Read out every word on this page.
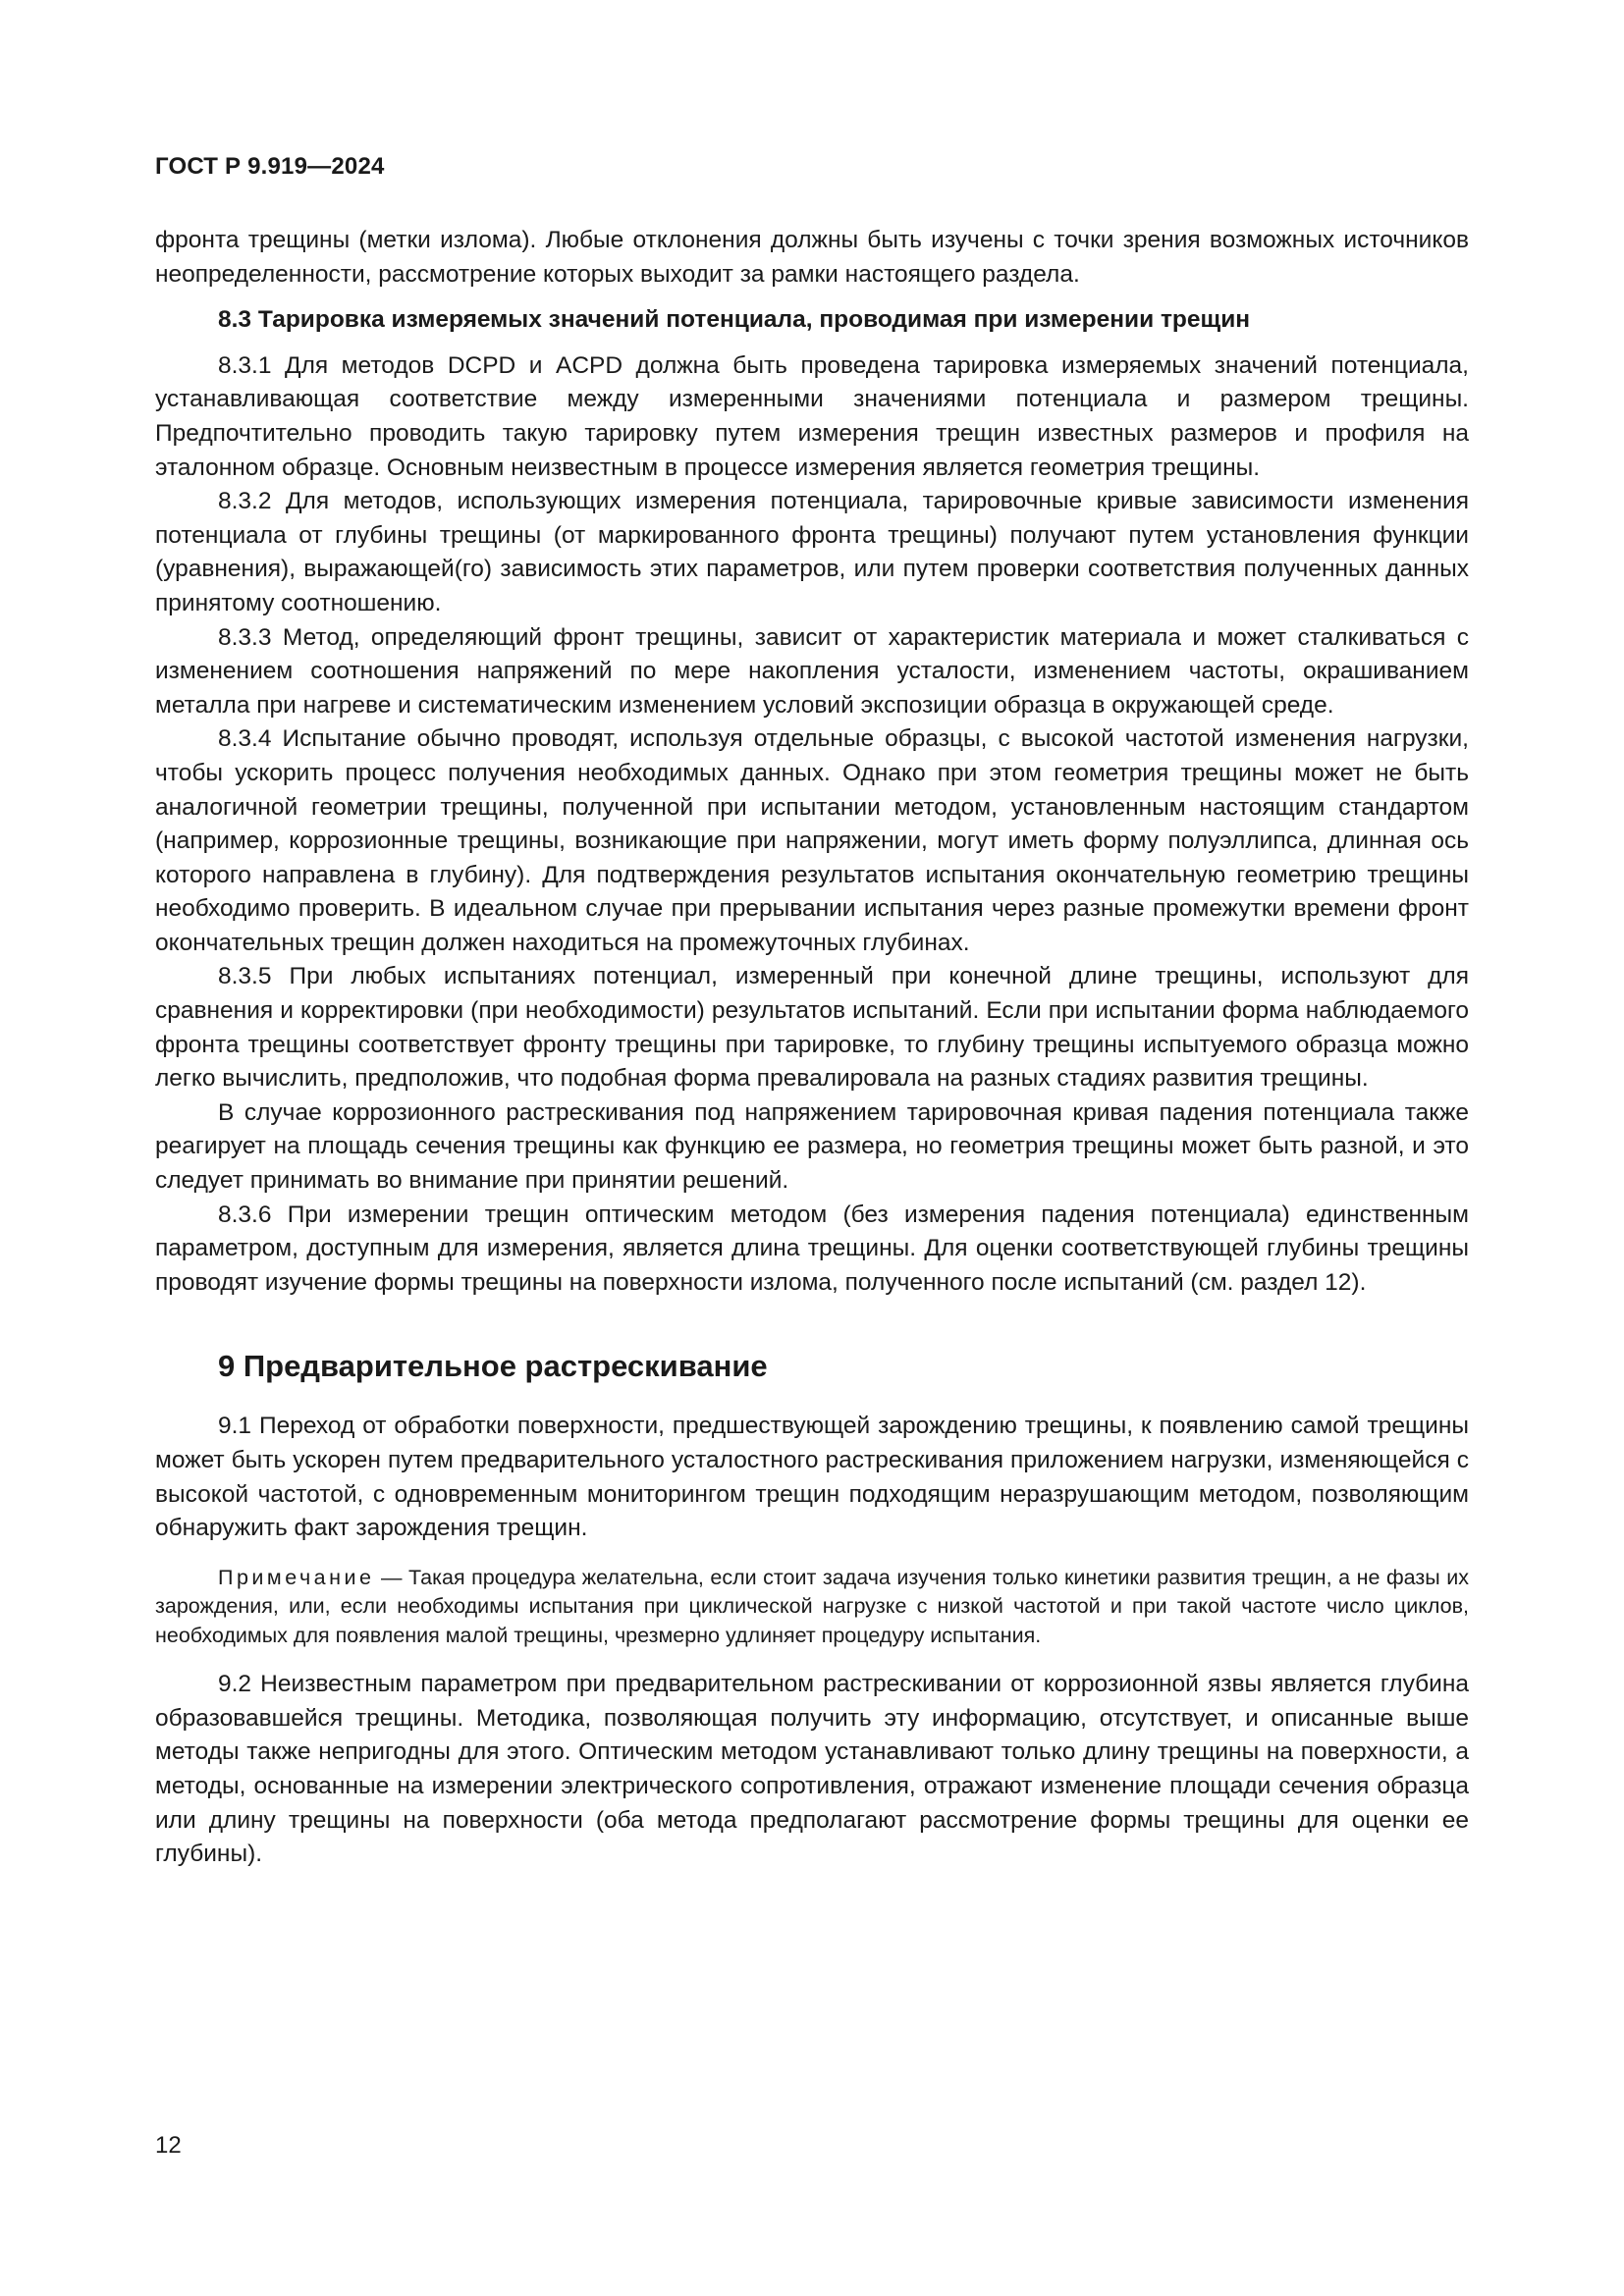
ГОСТ Р 9.919—2024

фронта трещины (метки излома). Любые отклонения должны быть изучены с точки зрения возможных источников неопределенности, рассмотрение которых выходит за рамки настоящего раздела.

8.3 Тарировка измеряемых значений потенциала, проводимая при измерении трещин

8.3.1 Для методов DCPD и ACPD должна быть проведена тарировка измеряемых значений потенциала, устанавливающая соответствие между измеренными значениями потенциала и размером трещины. Предпочтительно проводить такую тарировку путем измерения трещин известных размеров и профиля на эталонном образце. Основным неизвестным в процессе измерения является геометрия трещины.

8.3.2 Для методов, использующих измерения потенциала, тарировочные кривые зависимости изменения потенциала от глубины трещины (от маркированного фронта трещины) получают путем установления функции (уравнения), выражающей(го) зависимость этих параметров, или путем проверки соответствия полученных данных принятому соотношению.

8.3.3 Метод, определяющий фронт трещины, зависит от характеристик материала и может сталкиваться с изменением соотношения напряжений по мере накопления усталости, изменением частоты, окрашиванием металла при нагреве и систематическим изменением условий экспозиции образца в окружающей среде.

8.3.4 Испытание обычно проводят, используя отдельные образцы, с высокой частотой изменения нагрузки, чтобы ускорить процесс получения необходимых данных. Однако при этом геометрия трещины может не быть аналогичной геометрии трещины, полученной при испытании методом, установленным настоящим стандартом (например, коррозионные трещины, возникающие при напряжении, могут иметь форму полуэллипса, длинная ось которого направлена в глубину). Для подтверждения результатов испытания окончательную геометрию трещины необходимо проверить. В идеальном случае при прерывании испытания через разные промежутки времени фронт окончательных трещин должен находиться на промежуточных глубинах.

8.3.5 При любых испытаниях потенциал, измеренный при конечной длине трещины, используют для сравнения и корректировки (при необходимости) результатов испытаний. Если при испытании форма наблюдаемого фронта трещины соответствует фронту трещины при тарировке, то глубину трещины испытуемого образца можно легко вычислить, предположив, что подобная форма превалировала на разных стадиях развития трещины.

В случае коррозионного растрескивания под напряжением тарировочная кривая падения потенциала также реагирует на площадь сечения трещины как функцию ее размера, но геометрия трещины может быть разной, и это следует принимать во внимание при принятии решений.

8.3.6 При измерении трещин оптическим методом (без измерения падения потенциала) единственным параметром, доступным для измерения, является длина трещины. Для оценки соответствующей глубины трещины проводят изучение формы трещины на поверхности излома, полученного после испытаний (см. раздел 12).

9 Предварительное растрескивание

9.1 Переход от обработки поверхности, предшествующей зарождению трещины, к появлению самой трещины может быть ускорен путем предварительного усталостного растрескивания приложением нагрузки, изменяющейся с высокой частотой, с одновременным мониторингом трещин подходящим неразрушающим методом, позволяющим обнаружить факт зарождения трещин.

Примечание — Такая процедура желательна, если стоит задача изучения только кинетики развития трещин, а не фазы их зарождения, или, если необходимы испытания при циклической нагрузке с низкой частотой и при такой частоте число циклов, необходимых для появления малой трещины, чрезмерно удлиняет процедуру испытания.

9.2 Неизвестным параметром при предварительном растрескивании от коррозионной язвы является глубина образовавшейся трещины. Методика, позволяющая получить эту информацию, отсутствует, и описанные выше методы также непригодны для этого. Оптическим методом устанавливают только длину трещины на поверхности, а методы, основанные на измерении электрического сопротивления, отражают изменение площади сечения образца или длину трещины на поверхности (оба метода предполагают рассмотрение формы трещины для оценки ее глубины).

12
